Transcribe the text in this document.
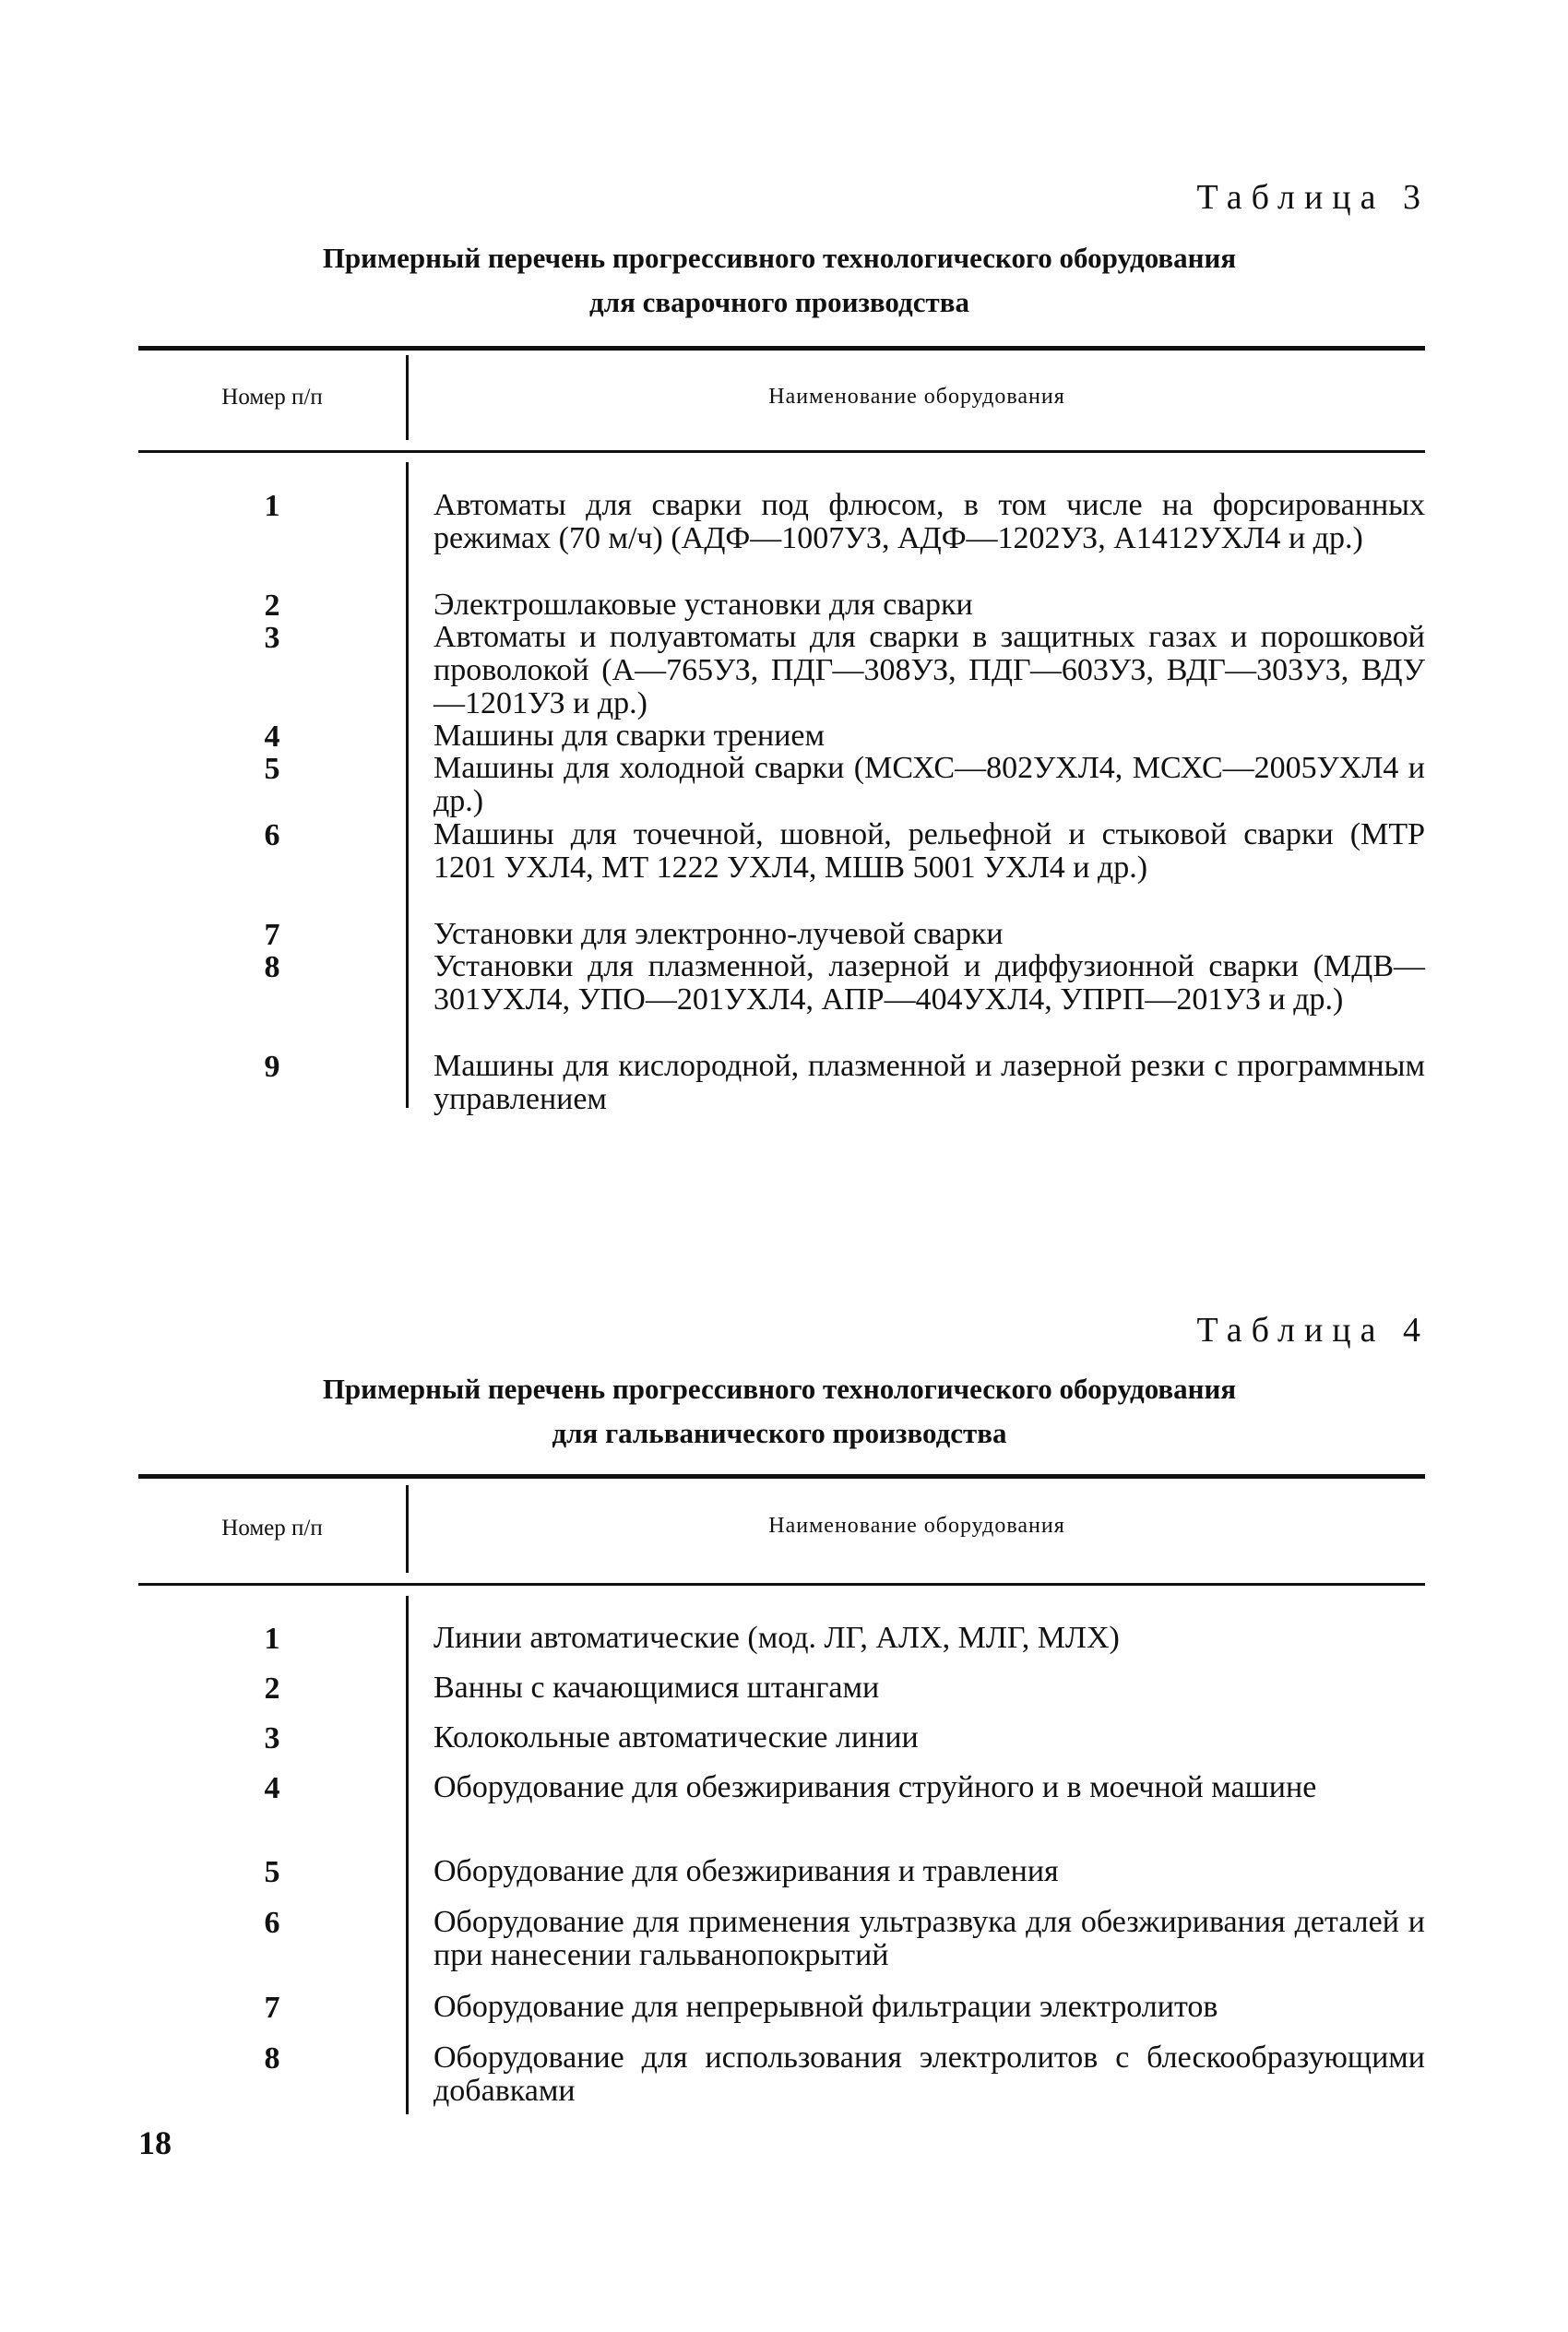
Таблица 3
Примерный перечень прогрессивного технологического оборудования
для сварочного производства
Номер п/п	Наименование оборудования
1	Автоматы для сварки под флюсом, в том числе на форсированных режимах (70 м/ч) (АДФ—1007УЗ, АДФ—1202УЗ, А1412УХЛ4 и др.)
2	Электрошлаковые установки для сварки
3	Автоматы и полуавтоматы для сварки в защитных газах и порошковой проволокой (А—765УЗ, ПДГ—308УЗ, ПДГ—603УЗ, ВДГ—303УЗ, ВДУ—1201УЗ и др.)
4	Машины для сварки трением
5	Машины для холодной сварки (МСХС—802УХЛ4, МСХС—2005УХЛ4 и др.)
6	Машины для точечной, шовной, рельефной и стыковой сварки (МТР 1201 УХЛ4, МТ 1222 УХЛ4, МШВ 5001 УХЛ4 и др.)
7	Установки для электронно-лучевой сварки
8	Установки для плазменной, лазерной и диффузионной сварки (МДВ—301УХЛ4, УПО—201УХЛ4, АПР—404УХЛ4, УПРП—201УЗ и др.)
9	Машины для кислородной, плазменной и лазерной резки с программным управлением
Таблица 4
Примерный перечень прогрессивного технологического оборудования
для гальванического производства
Номер п/п	Наименование оборудования
1	Линии автоматические (мод. ЛГ, АЛХ, МЛГ, МЛХ)
2	Ванны с качающимися штангами
3	Колокольные автоматические линии
4	Оборудование для обезжиривания струйного и в моечной машине
5	Оборудование для обезжиривания и травления
6	Оборудование для применения ультразвука для обезжиривания деталей и при нанесении гальванопокрытий
7	Оборудование для непрерывной фильтрации электролитов
8	Оборудование для использования электролитов с блескообразующими добавками
18
